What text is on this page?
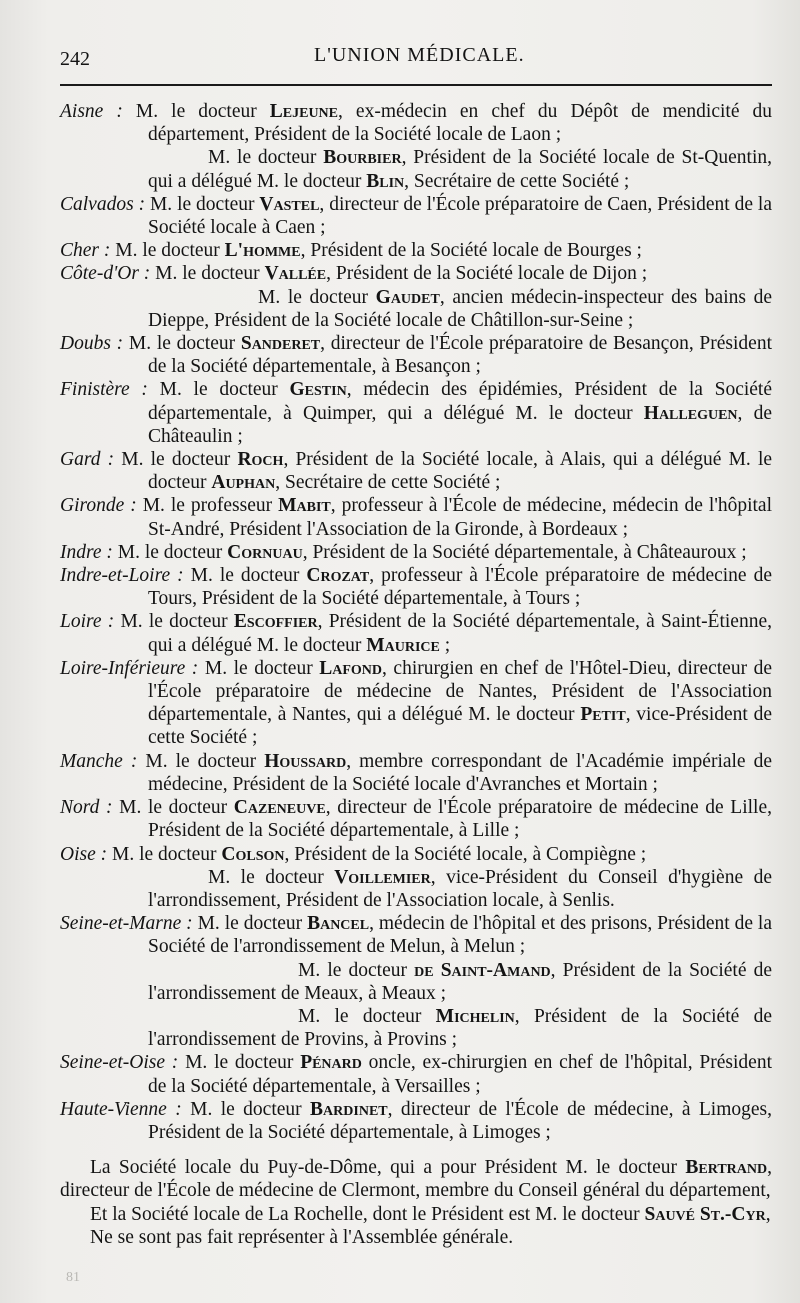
242	L'UNION MÉDICALE.

Aisne : M. le docteur Lejeune, ex-médecin en chef du Dépôt de mendicité du département, Président de la Société locale de Laon ;

M. le docteur Bourbier, Président de la Société locale de St-Quentin, qui a délégué M. le docteur Blin, Secrétaire de cette Société ;

Calvados : M. le docteur Vastel, directeur de l'École préparatoire de Caen, Président de la Société locale à Caen ;

Cher : M. le docteur L'homme, Président de la Société locale de Bourges ;

Côte-d'Or : M. le docteur Vallée, Président de la Société locale de Dijon ;

M. le docteur Gaudet, ancien médecin-inspecteur des bains de Dieppe, Président de la Société locale de Châtillon-sur-Seine ;

Doubs : M. le docteur Sanderet, directeur de l'École préparatoire de Besançon, Président de la Société départementale, à Besançon ;

Finistère : M. le docteur Gestin, médecin des épidémies, Président de la Société départementale, à Quimper, qui a délégué M. le docteur Halleguen, de Châteaulin ;

Gard : M. le docteur Roch, Président de la Société locale, à Alais, qui a délégué M. le docteur Auphan, Secrétaire de cette Société ;

Gironde : M. le professeur Mabit, professeur à l'École de médecine, médecin de l'hôpital St-André, Président l'Association de la Gironde, à Bordeaux ;

Indre : M. le docteur Cornuau, Président de la Société départementale, à Châteauroux ;

Indre-et-Loire : M. le docteur Crozat, professeur à l'École préparatoire de médecine de Tours, Président de la Société départementale, à Tours ;

Loire : M. le docteur Escoffier, Président de la Société départementale, à Saint-Étienne, qui a délégué M. le docteur Maurice ;

Loire-Inférieure : M. le docteur Lafond, chirurgien en chef de l'Hôtel-Dieu, directeur de l'École préparatoire de médecine de Nantes, Président de l'Association départementale, à Nantes, qui a délégué M. le docteur Petit, vice-Président de cette Société ;

Manche : M. le docteur Houssard, membre correspondant de l'Académie impériale de médecine, Président de la Société locale d'Avranches et Mortain ;

Nord : M. le docteur Cazeneuve, directeur de l'École préparatoire de médecine de Lille, Président de la Société départementale, à Lille ;

Oise : M. le docteur Colson, Président de la Société locale, à Compiègne ;

M. le docteur Voillemier, vice-Président du Conseil d'hygiène de l'arrondissement, Président de l'Association locale, à Senlis.

Seine-et-Marne : M. le docteur Bancel, médecin de l'hôpital et des prisons, Président de la Société de l'arrondissement de Melun, à Melun ;

M. le docteur de Saint-Amand, Président de la Société de l'arrondissement de Meaux, à Meaux ;

M. le docteur Michelin, Président de la Société de l'arrondissement de Provins, à Provins ;

Seine-et-Oise : M. le docteur Pénard oncle, ex-chirurgien en chef de l'hôpital, Président de la Société départementale, à Versailles ;

Haute-Vienne : M. le docteur Bardinet, directeur de l'École de médecine, à Limoges, Président de la Société départementale, à Limoges ;

La Société locale du Puy-de-Dôme, qui a pour Président M. le docteur Bertrand, directeur de l'École de médecine de Clermont, membre du Conseil général du département,

Et la Société locale de La Rochelle, dont le Président est M. le docteur Sauvé St.-Cyr,

Ne se sont pas fait représenter à l'Assemblée générale.

81
